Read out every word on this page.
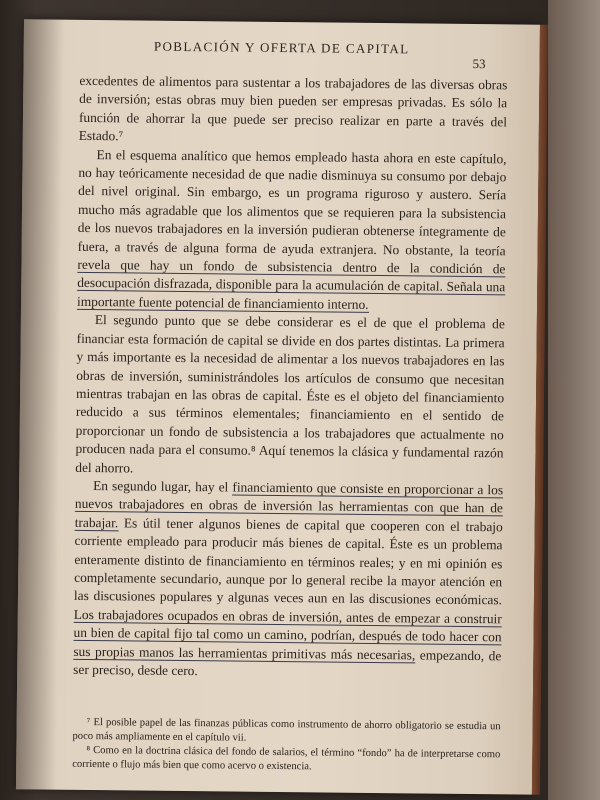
POBLACIÓN Y OFERTA DE CAPITAL
53

excedentes de alimentos para sustentar a los trabajadores de las diversas obras de inversión; estas obras muy bien pueden ser empresas privadas. Es sólo la función de ahorrar la que puede ser preciso realizar en parte a través del Estado.⁷

En el esquema analítico que hemos empleado hasta ahora en este capítulo, no hay teóricamente necesidad de que nadie disminuya su consumo por debajo del nivel original. Sin embargo, es un programa riguroso y austero. Sería mucho más agradable que los alimentos que se requieren para la subsistencia de los nuevos trabajadores en la inversión pudieran obtenerse íntegramente de fuera, a través de alguna forma de ayuda extranjera. No obstante, la teoría revela que hay un fondo de subsistencia dentro de la condición de desocupación disfrazada, disponible para la acumulación de capital. Señala una importante fuente potencial de financiamiento interno.

El segundo punto que se debe considerar es el de que el problema de financiar esta formación de capital se divide en dos partes distintas. La primera y más importante es la necesidad de alimentar a los nuevos trabajadores en las obras de inversión, suministrándoles los artículos de consumo que necesitan mientras trabajan en las obras de capital. Éste es el objeto del financiamiento reducido a sus términos elementales; financiamiento en el sentido de proporcionar un fondo de subsistencia a los trabajadores que actualmente no producen nada para el consumo.⁸ Aquí tenemos la clásica y fundamental razón del ahorro.

En segundo lugar, hay el financiamiento que consiste en proporcionar a los nuevos trabajadores en obras de inversión las herramientas con que han de trabajar. Es útil tener algunos bienes de capital que cooperen con el trabajo corriente empleado para producir más bienes de capital. Éste es un problema enteramente distinto de financiamiento en términos reales; y en mi opinión es completamente secundario, aunque por lo general recibe la mayor atención en las discusiones populares y algunas veces aun en las discusiones económicas. Los trabajadores ocupados en obras de inversión, antes de empezar a construir un bien de capital fijo tal como un camino, podrían, después de todo hacer con sus propias manos las herramientas primitivas más necesarias, empezando, de ser preciso, desde cero.

⁷ El posible papel de las finanzas públicas como instrumento de ahorro obligatorio se estudia un poco más ampliamente en el capítulo vii.

⁸ Como en la doctrina clásica del fondo de salarios, el término “fondo” ha de interpretarse como corriente o flujo más bien que como acervo o existencia.
